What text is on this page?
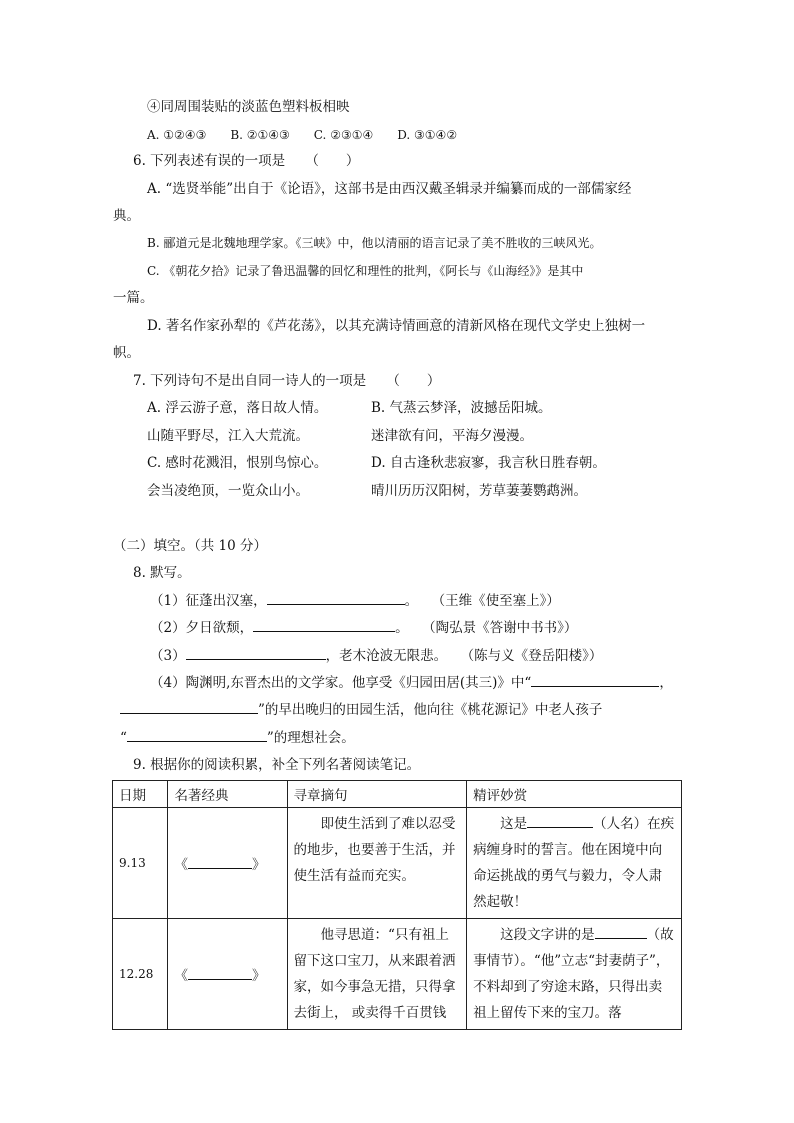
④同周围装贴的淡蓝色塑料板相映
A. ①②④③　　B. ②①④③　　C. ②③①④　　D. ③①④②
6. 下列表述有误的一项是　　（　　）
A. “选贤举能”出自于《论语》，这部书是由西汉戴圣辑录并编纂而成的一部儒家经
典。
B. 郦道元是北魏地理学家。《三峡》中，他以清丽的语言记录了美不胜收的三峡风光。
C. 《朝花夕拾》记录了鲁迅温馨的回忆和理性的批判，《阿长与《山海经》》是其中
一篇。
D. 著名作家孙犁的《芦花荡》，以其充满诗情画意的清新风格在现代文学史上独树一
帜。
7. 下列诗句不是出自同一诗人的一项是　　（　　）
A. 浮云游子意，落日故人情。	B. 气蒸云梦泽，波撼岳阳城。
山随平野尽，江入大荒流。	迷津欲有问，平海夕漫漫。
C. 感时花溅泪，恨别鸟惊心。	D. 自古逢秋悲寂寥，我言秋日胜春朝。
会当凌绝顶，一览众山小。	晴川历历汉阳树，芳草萋萋鹦鹉洲。
（二）填空。（共 10 分）
8. 默写。
（1）征蓬出汉塞，	。　　（王维《使至塞上》）
（2）夕日欲颓，	。　　（陶弘景《答谢中书书》）
（3）	，老木沧波无限悲。　　（陈与义《登岳阳楼》）
（4）陶渊明,东晋杰出的文学家。他享受《归园田居(其三)》中“	，
”的早出晚归的田园生活，他向往《桃花源记》中老人孩子
“	”的理想社会。
9. 根据你的阅读积累，补全下列名著阅读笔记。
日期	名著经典	寻章摘句	精评妙赏
9.13	《 》	即使生活到了难以忍受的地步，也要善于生活，并使生活有益而充实。	这是 （人名）在疾病缠身时的誓言。他在困境中向命运挑战的勇气与毅力，令人肃然起敬！

12.28	《 》	他寻思道：“只有祖上留下这口宝刀，从来跟着洒家，如今事急无措，只得拿去街上， 或卖得千百贯钱	这段文字讲的是 （故事情节）。“他”立志“封妻荫子”，不料却到了穷途末路，只得出卖祖上留传下来的宝刀。落
